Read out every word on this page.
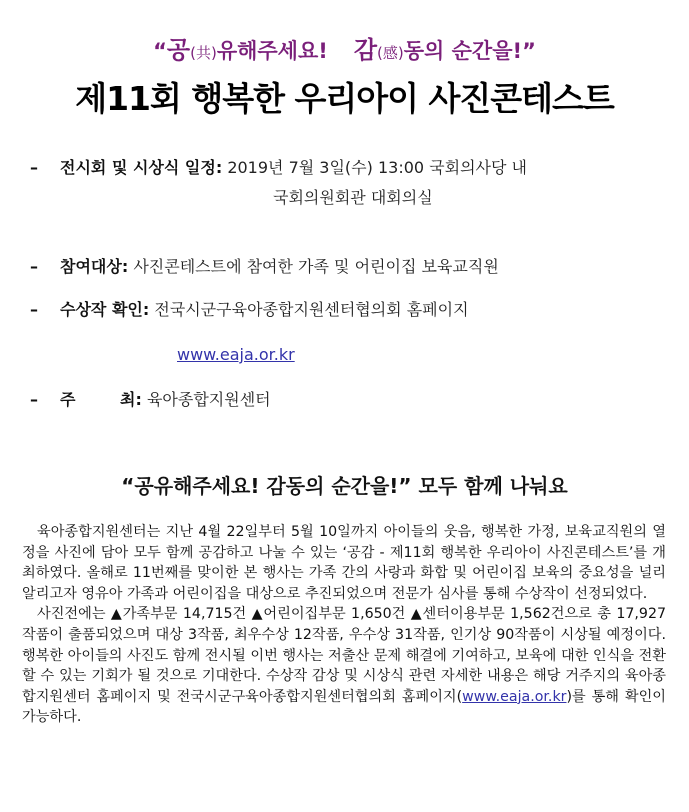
“공(共)유해주세요! 감(感)동의 순간을!”
제11회 행복한 우리아이 사진콘테스트
– 전시회 및 시상식 일정: 2019년 7월 3일(수) 13:00 국회의사당 내
국회의원회관 대회의실
– 참여대상: 사진콘테스트에 참여한 가족 및 어린이집 보육교직원
– 수상작 확인: 전국시군구육아종합지원센터협의회 홈페이지
www.eaja.or.kr
– 주        최: 육아종합지원센터
“공유해주세요! 감동의 순간을!” 모두 함께 나눠요

육아종합지원센터는 지난 4월 22일부터 5월 10일까지 아이들의 웃음, 행복한 가정, 보육교직원의 열정을 사진에 담아 모두 함께 공감하고 나눌 수 있는 ‘공감 - 제11회 행복한 우리아이 사진콘테스트’를 개최하였다. 올해로 11번째를 맞이한 본 행사는 가족 간의 사랑과 화합 및 어린이집 보육의 중요성을 널리 알리고자 영유아 가족과 어린이집을 대상으로 추진되었으며 전문가 심사를 통해 수상작이 선정되었다.

사진전에는 ▲가족부문 14,715건 ▲어린이집부문 1,650건 ▲센터이용부문 1,562건으로 총 17,927 작품이 출품되었으며 대상 3작품, 최우수상 12작품, 우수상 31작품, 인기상 90작품이 시상될 예정이다. 행복한 아이들의 사진도 함께 전시될 이번 행사는 저출산 문제 해결에 기여하고, 보육에 대한 인식을 전환할 수 있는 기회가 될 것으로 기대한다. 수상작 감상 및 시상식 관련 자세한 내용은 해당 거주지의 육아종합지원센터 홈페이지 및 전국시군구육아종합지원센터협의회 홈페이지(www.eaja.or.kr)를 통해 확인이 가능하다.
